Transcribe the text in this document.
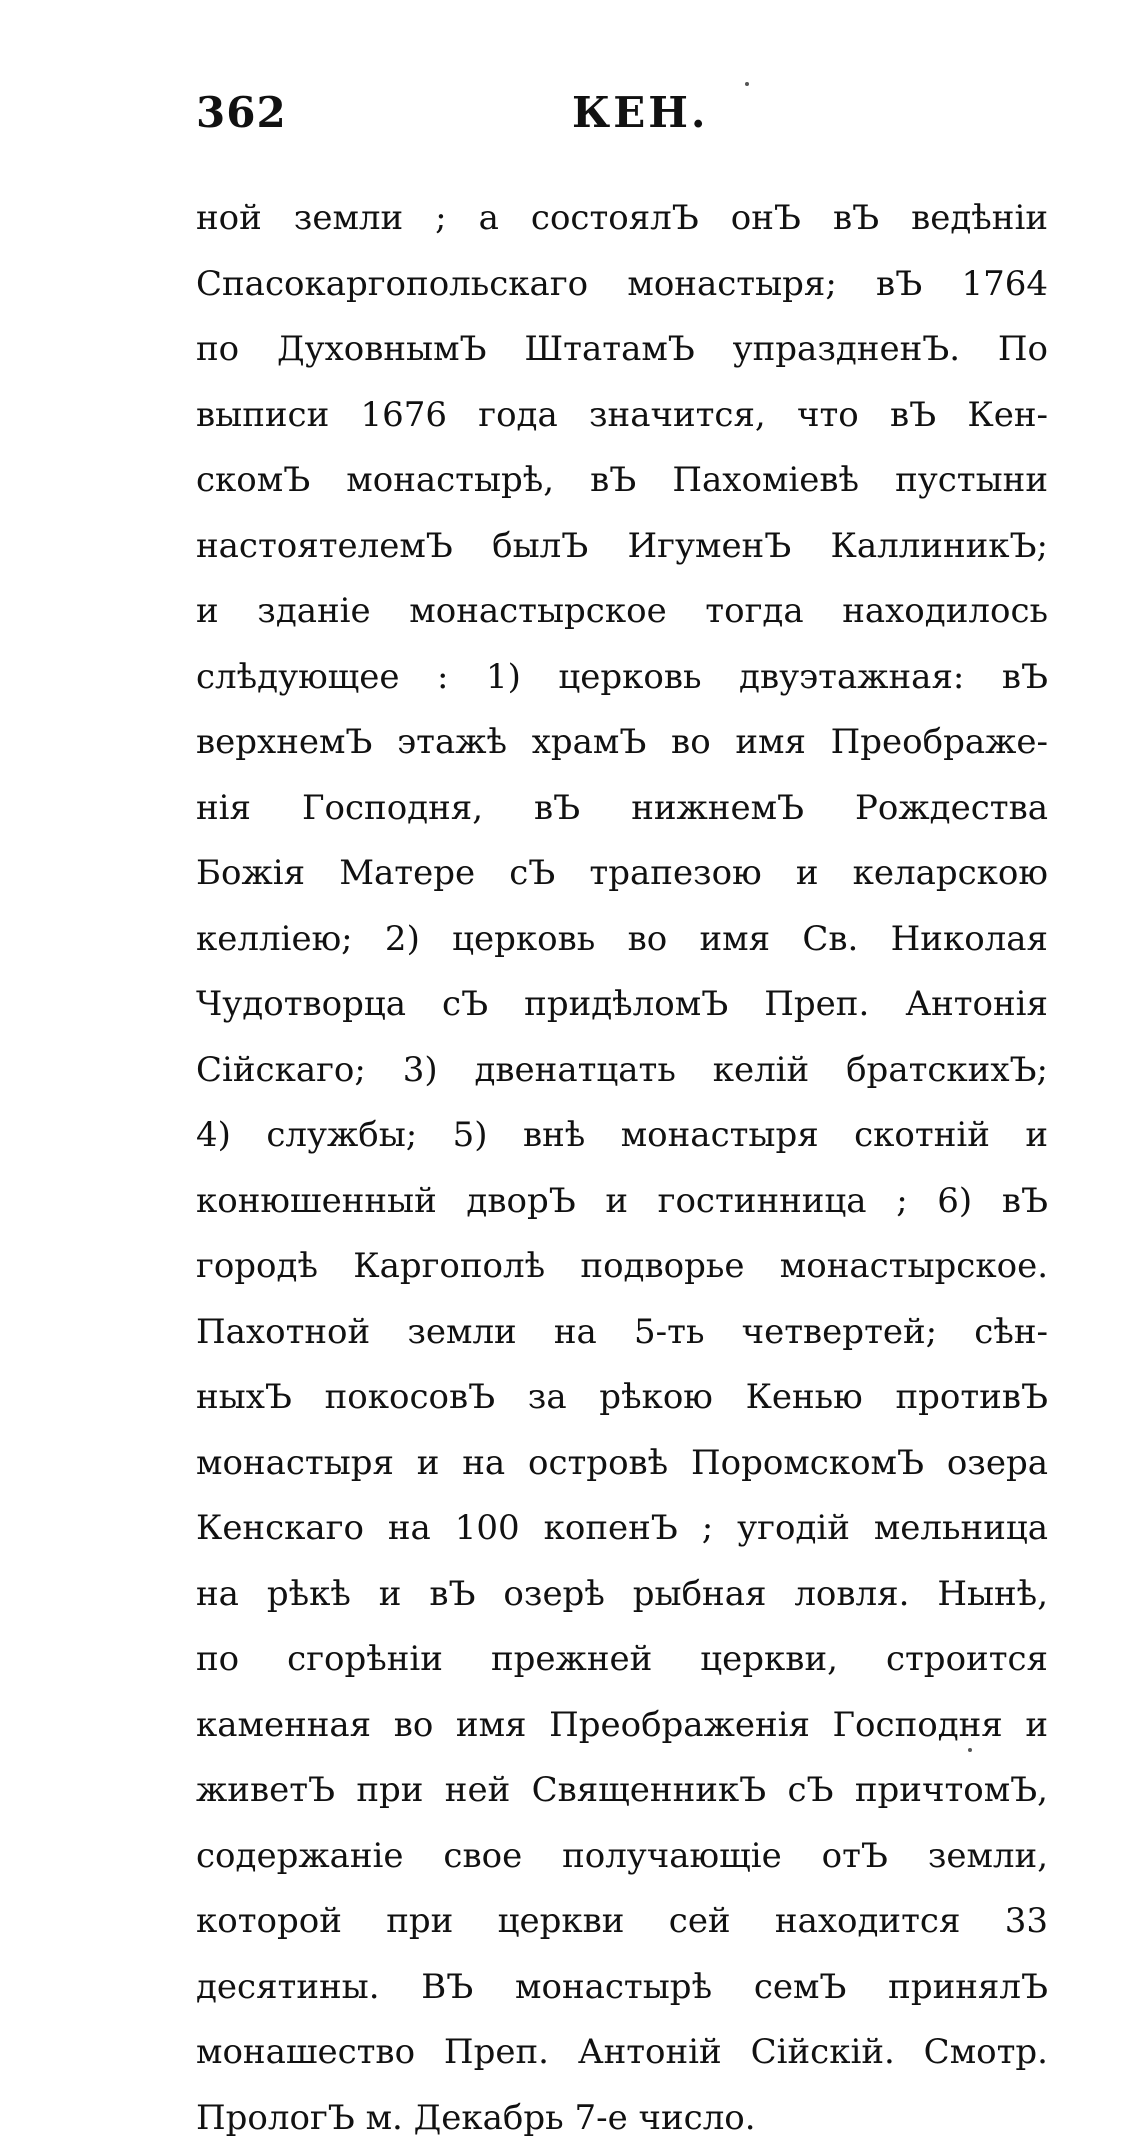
362	КЕН.
ной земли ; а состоялЪ онЪ вЪ ведѣніи
Спасокаргопольскаго монастыря; вЪ 1764
по ДуховнымЪ ШтатамЪ упраздненЪ. По
выписи 1676 года значится, что вЪ Кен-
скомЪ монастырѣ, вЪ Пахоміевѣ пустыни
настоятелемЪ былЪ ИгуменЪ КаллиникЪ;
и зданіе монастырское тогда находилось
слѣдующее : 1) церковь двуэтажная: вЪ
верхнемЪ этажѣ храмЪ во имя Преображе-
нія Господня, вЪ нижнемЪ Рождества
Божія Матере сЪ трапезою и келарскою
келліею; 2) церковь во имя Св. Николая
Чудотворца сЪ придѣломЪ Преп. Антонія
Сійскаго; 3) двенатцать келій братскихЪ;
4) службы; 5) внѣ монастыря скотній и
конюшенный дворЪ и гостинница ; 6) вЪ
городѣ Каргополѣ подворье монастырское.
Пахотной земли на 5-ть четвертей; сѣн-
ныхЪ покосовЪ за рѣкою Кенью противЪ
монастыря и на островѣ ПоромскомЪ озера
Кенскаго на 100 копенЪ ; угодій мельница
на рѣкѣ и вЪ озерѣ рыбная ловля. Нынѣ,
по сгорѣніи прежней церкви, строится
каменная во имя Преображенія Господня и
живетЪ при ней СвященникЪ сЪ причтомЪ,
содержаніе свое получающіе отЪ земли,
которой при церкви сей находится 33
десятины. ВЪ монастырѣ семЪ принялЪ
монашество Преп. Антоній Сійскій. Смотр.
ПрологЪ м. Декабрь 7-е число.
